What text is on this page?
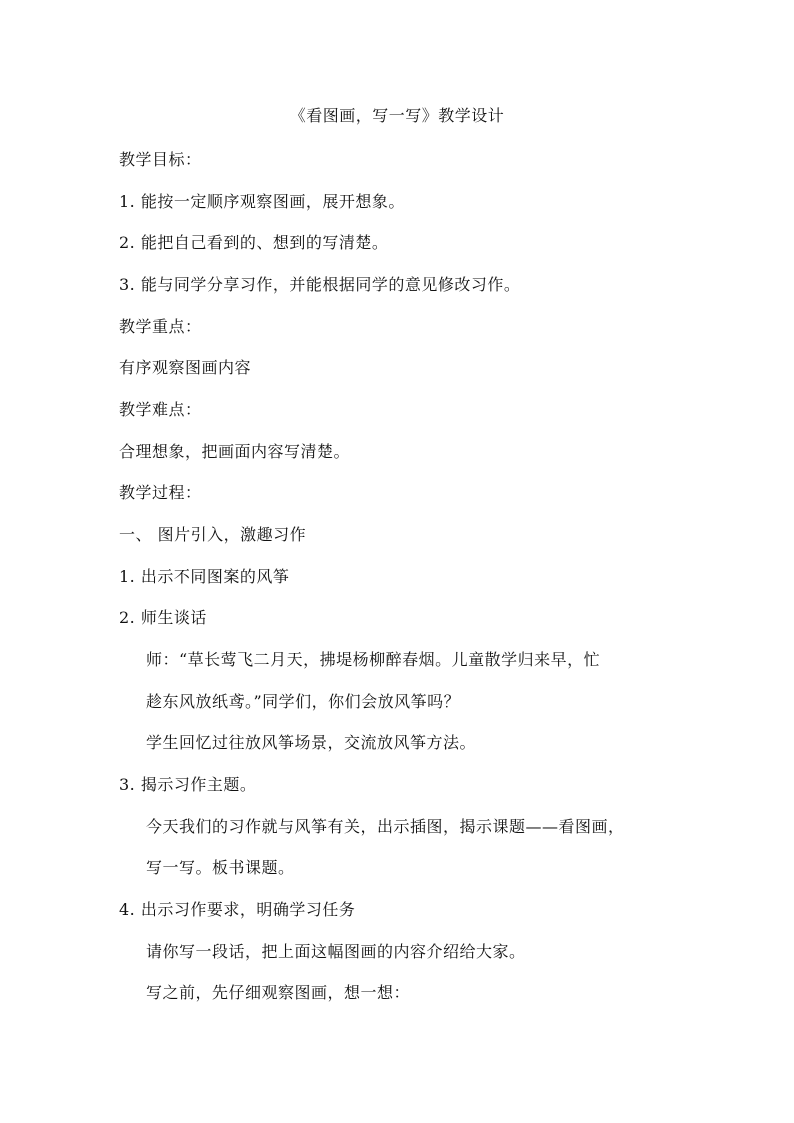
《看图画，写一写》教学设计
教学目标：
1. 能按一定顺序观察图画，展开想象。
2. 能把自己看到的、想到的写清楚。
3. 能与同学分享习作，并能根据同学的意见修改习作。
教学重点：
有序观察图画内容
教学难点：
合理想象，把画面内容写清楚。
教学过程：
一、 图片引入，激趣习作
1. 出示不同图案的风筝
2. 师生谈话
师：“草长莺飞二月天，拂堤杨柳醉春烟。儿童散学归来早，忙
趁东风放纸鸢。”同学们，你们会放风筝吗？
学生回忆过往放风筝场景，交流放风筝方法。
3. 揭示习作主题。
今天我们的习作就与风筝有关，出示插图，揭示课题——看图画，
写一写。板书课题。
4. 出示习作要求，明确学习任务
请你写一段话，把上面这幅图画的内容介绍给大家。
写之前，先仔细观察图画，想一想：
